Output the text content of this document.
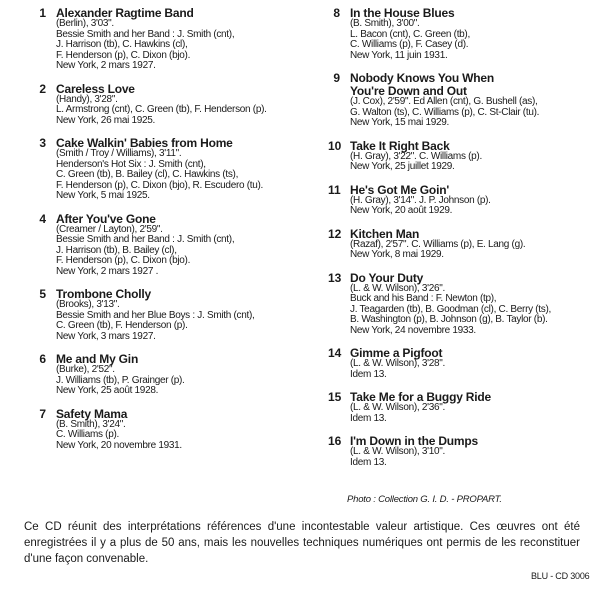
1 Alexander Ragtime Band
(Berlin), 3'03".
Bessie Smith and her Band : J. Smith (cnt),
J. Harrison (tb), C. Hawkins (cl),
F. Henderson (p), C. Dixon (bjo).
New York, 2 mars 1927.
2 Careless Love
(Handy), 3'28".
L. Armstrong (cnt), C. Green (tb), F. Henderson (p).
New York, 26 mai 1925.
3 Cake Walkin' Babies from Home
(Smith / Troy / Williams), 3'11".
Henderson's Hot Six : J. Smith (cnt),
C. Green (tb), B. Bailey (cl), C. Hawkins (ts),
F. Henderson (p), C. Dixon (bjo), R. Escudero (tu).
New York, 5 mai 1925.
4 After You've Gone
(Creamer / Layton), 2'59".
Bessie Smith and her Band : J. Smith (cnt),
J. Harrison (tb), B. Bailey (cl),
F. Henderson (p), C. Dixon (bjo).
New York, 2 mars 1927 .
5 Trombone Cholly
(Brooks), 3'13".
Bessie Smith and her Blue Boys : J. Smith (cnt),
C. Green (tb), F. Henderson (p).
New York, 3 mars 1927.
6 Me and My Gin
(Burke), 2'52".
J. Williams (tb), P. Grainger (p).
New York, 25 août 1928.
7 Safety Mama
(B. Smith), 3'24".
C. Williams (p).
New York, 20 novembre 1931.
8 In the House Blues
(B. Smith), 3'00".
L. Bacon (cnt), C. Green (tb),
C. Williams (p), F. Casey (d).
New York, 11 juin 1931.
9 Nobody Knows You When
You're Down and Out
(J. Cox), 2'59". Ed Allen (cnt), G. Bushell (as),
G. Walton (ts), C. Williams (p), C. St-Clair (tu).
New York, 15 mai 1929.
10 Take It Right Back
(H. Gray), 3'22". C. Williams (p).
New York, 25 juillet 1929.
11 He's Got Me Goin'
(H. Gray), 3'14". J. P. Johnson (p).
New York, 20 août 1929.
12 Kitchen Man
(Razaf), 2'57". C. Williams (p), E. Lang (g).
New York, 8 mai 1929.
13 Do Your Duty
(L. & W. Wilson), 3'26".
Buck and his Band : F. Newton (tp),
J. Teagarden (tb), B. Goodman (cl), C. Berry (ts),
B. Washington (p), B. Johnson (g), B. Taylor (b).
New York, 24 novembre 1933.
14 Gimme a Pigfoot
(L. & W. Wilson), 3'28".
Idem 13.
15 Take Me for a Buggy Ride
(L. & W. Wilson), 2'36".
Idem 13.
16 I'm Down in the Dumps
(L. & W. Wilson), 3'10".
Idem 13.
Photo : Collection G. I. D. - PROPART.
Ce CD réunit des interprétations références d'une incontestable valeur artistique. Ces œuvres ont été enregistrées il y a plus de 50 ans, mais les nouvelles techniques numériques ont permis de les reconstituer d'une façon convenable.
BLU - CD 3006
